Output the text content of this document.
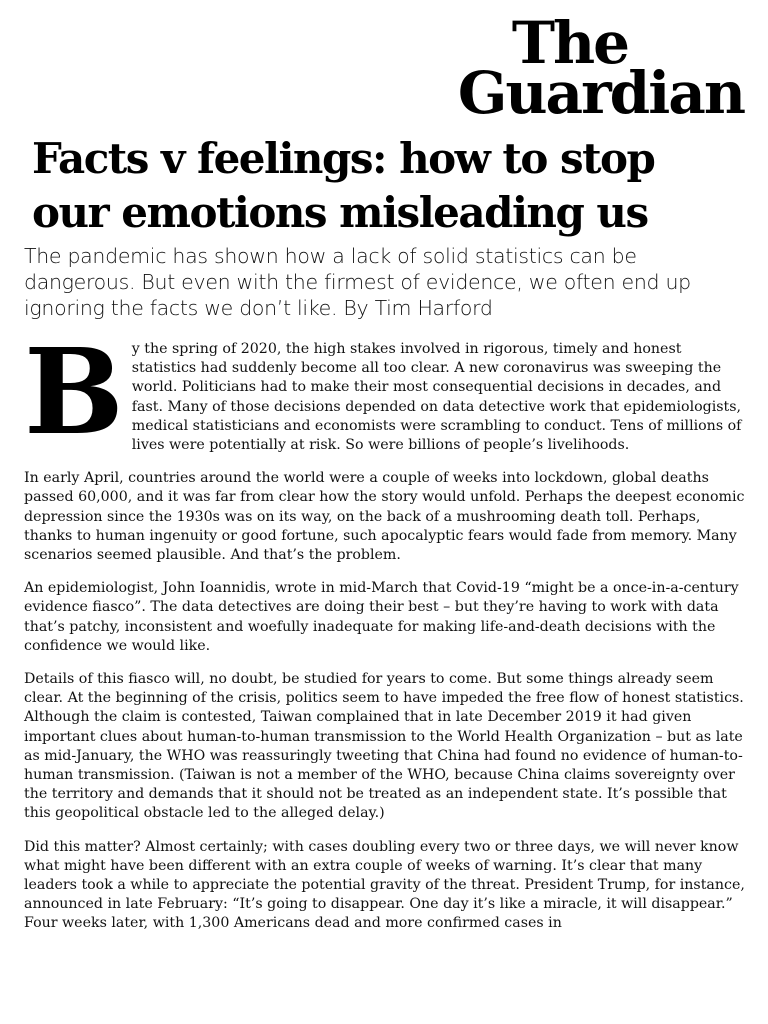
The
Guardian
Facts v feelings: how to stop
our emotions misleading us

The pandemic has shown how a lack of solid statistics can be dangerous. But even with the firmest of evidence, we often end up ignoring the facts we don’t like. By Tim Harford

By the spring of 2020, the high stakes involved in rigorous, timely and honest statistics had suddenly become all too clear. A new coronavirus was sweeping the world. Politicians had to make their most consequential decisions in decades, and fast. Many of those decisions depended on data detective work that epidemiologists, medical statisticians and economists were scrambling to conduct. Tens of millions of lives were potentially at risk. So were billions of people’s livelihoods.

In early April, countries around the world were a couple of weeks into lockdown, global deaths passed 60,000, and it was far from clear how the story would unfold. Perhaps the deepest economic depression since the 1930s was on its way, on the back of a mushrooming death toll. Perhaps, thanks to human ingenuity or good fortune, such apocalyptic fears would fade from memory. Many scenarios seemed plausible. And that’s the problem.

An epidemiologist, John Ioannidis, wrote in mid-March that Covid-19 “might be a once-in-a-century evidence fiasco”. The data detectives are doing their best – but they’re having to work with data that’s patchy, inconsistent and woefully inadequate for making life-and-death decisions with the confidence we would like.

Details of this fiasco will, no doubt, be studied for years to come. But some things already seem clear. At the beginning of the crisis, politics seem to have impeded the free flow of honest statistics. Although the claim is contested, Taiwan complained that in late December 2019 it had given important clues about human-to-human transmission to the World Health Organization – but as late as mid-January, the WHO was reassuringly tweeting that China had found no evidence of human-to-human transmission. (Taiwan is not a member of the WHO, because China claims sovereignty over the territory and demands that it should not be treated as an independent state. It’s possible that this geopolitical obstacle led to the alleged delay.)

Did this matter? Almost certainly; with cases doubling every two or three days, we will never know what might have been different with an extra couple of weeks of warning. It’s clear that many leaders took a while to appreciate the potential gravity of the threat. President Trump, for instance, announced in late February: “It’s going to disappear. One day it’s like a miracle, it will disappear.” Four weeks later, with 1,300 Americans dead and more confirmed cases in
